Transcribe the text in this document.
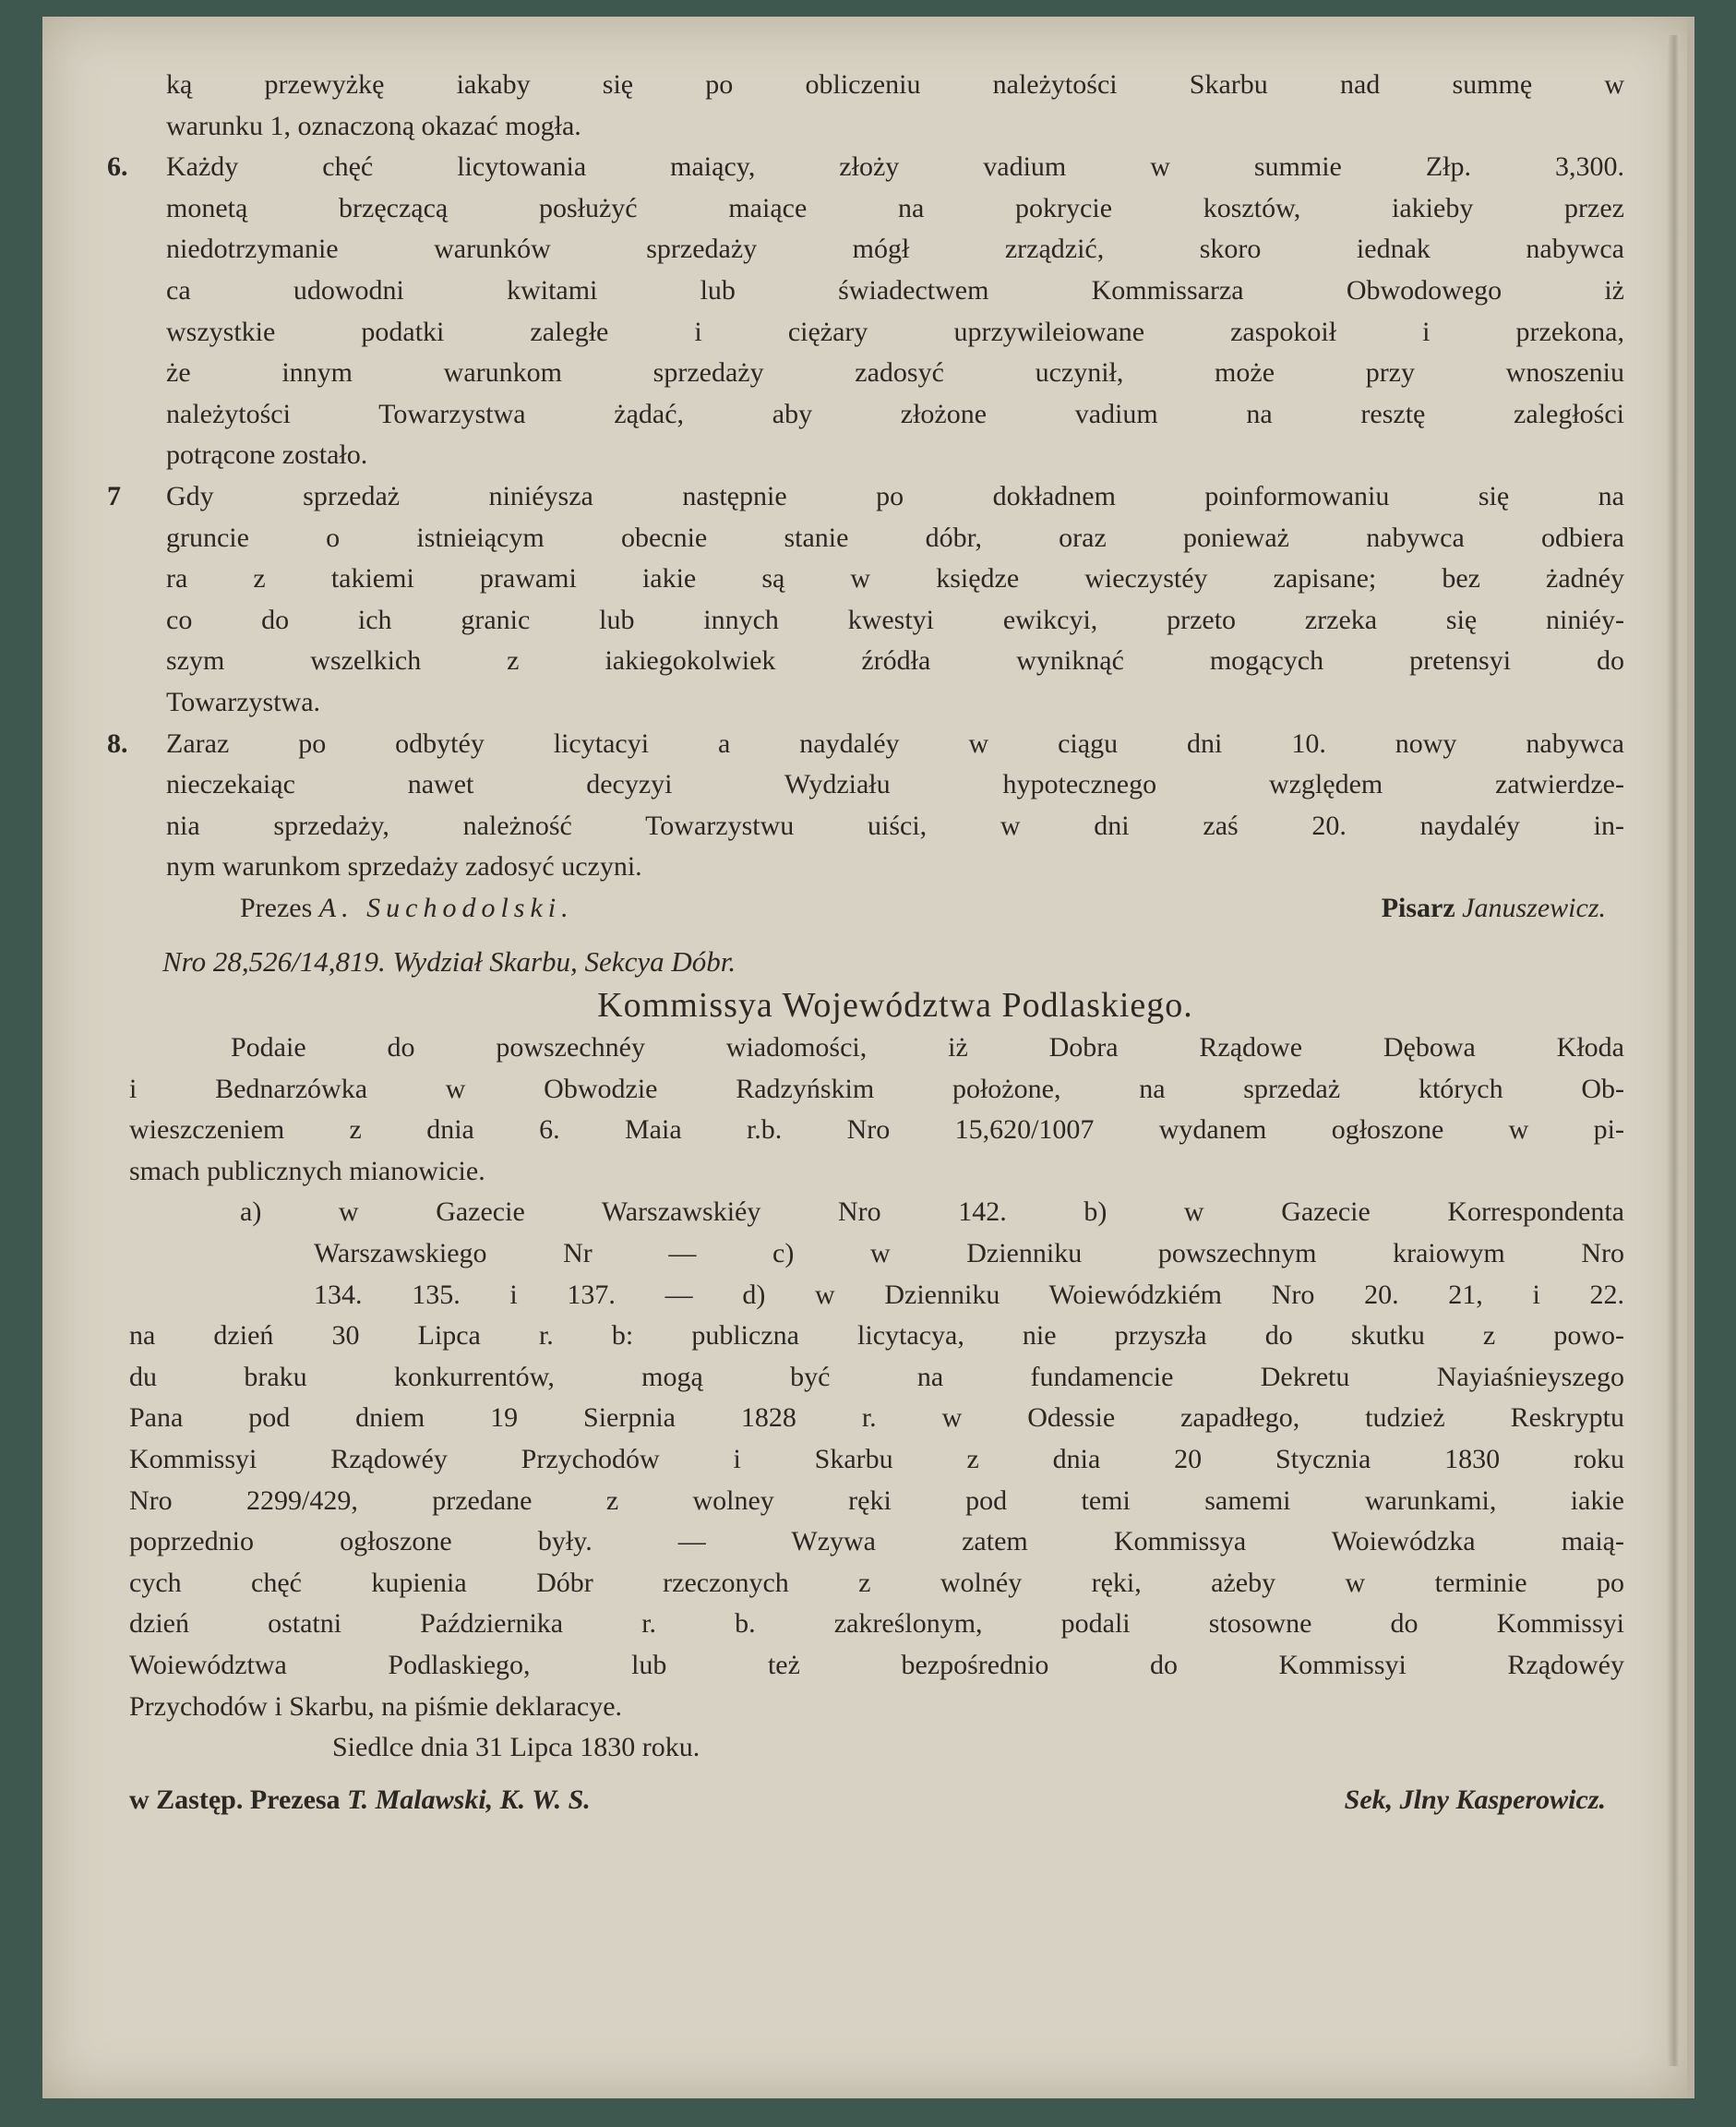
ką przewyżkę iakaby się po obliczeniu należytości Skarbu nad summę w
warunku 1, oznaczoną okazać mogła.
6. Każdy chęć licytowania maiący, złoży vadium w summie Złp. 3,300.
monetą brzęczącą posłużyć maiące na pokrycie kosztów, iakieby przez
niedotrzymanie warunków sprzedaży mógł zrządzić, skoro iednak nabywca
ca udowodni kwitami lub świadectwem Kommissarza Obwodowego iż
wszystkie podatki zaległe i ciężary uprzywileiowane zaspokoił i przekona,
że innym warunkom sprzedaży zadosyć uczynił, może przy wnoszeniu
należytości Towarzystwa żądać, aby złożone vadium na resztę zaległości
potrącone zostało.
7 Gdy sprzedaż niniéysza następnie po dokładnem poinformowaniu się na
gruncie o istnieiącym obecnie stanie dóbr, oraz ponieważ nabywca odbiera
ra z takiemi prawami iakie są w księdze wieczystéy zapisane; bez żadnéy
co do ich granic lub innych kwestyi ewikcyi, przeto zrzeka się niniéy-
szym wszelkich z iakiegokolwiek źródła wyniknąć mogących pretensyi do
Towarzystwa.
8. Zaraz po odbytéy licytacyi a naydaléy w ciągu dni 10. nowy nabywca
nieczekaiąc nawet decyzyi Wydziału hypotecznego względem zatwierdze-
nia sprzedaży, należność Towarzystwu uiści, w dni zaś 20. naydaléy in-
nym warunkom sprzedaży zadosyć uczyni.
Prezes A. Suchodolski.	Pisarz Januszewicz.
Nro 28,526/14,819. Wydział Skarbu, Sekcya Dóbr.
Kommissya Województwa Podlaskiego.
Podaie do powszechnéy wiadomości, iż Dobra Rządowe Dębowa Kłoda
i Bednarzówka w Obwodzie Radzyńskim położone, na sprzedaż których Ob-
wieszczeniem z dnia 6. Maia r.b. Nro 15,620/1007 wydanem ogłoszone w pi-
smach publicznych mianowicie.
a) w Gazecie Warszawskiéy Nro 142. b) w Gazecie Korrespondenta
Warszawskiego Nr — c) w Dzienniku powszechnym kraiowym Nro
134. 135. i 137. — d) w Dzienniku Woiewódzkiém Nro 20. 21, i 22.
na dzień 30 Lipca r. b: publiczna licytacya, nie przyszła do skutku z powo-
du braku konkurrentów, mogą być na fundamencie Dekretu Nayiaśnieyszego
Pana pod dniem 19 Sierpnia 1828 r. w Odessie zapadłego, tudzież Reskryptu
Kommissyi Rządowéy Przychodów i Skarbu z dnia 20 Stycznia 1830 roku
Nro 2299/429, przedane z wolney ręki pod temi samemi warunkami, iakie
poprzednio ogłoszone były. — Wzywa zatem Kommissya Woiewódzka maią-
cych chęć kupienia Dóbr rzeczonych z wolnéy ręki, ażeby w terminie po
dzień ostatni Października r. b. zakreślonym, podali stosowne do Kommissyi
Woiewództwa Podlaskiego, lub też bezpośrednio do Kommissyi Rządowéy
Przychodów i Skarbu, na piśmie deklaracye.
Siedlce dnia 31 Lipca 1830 roku.
w Zastęp. Prezesa T. Malawski, K. W. S.	Sek, Jlny Kasperowicz.
